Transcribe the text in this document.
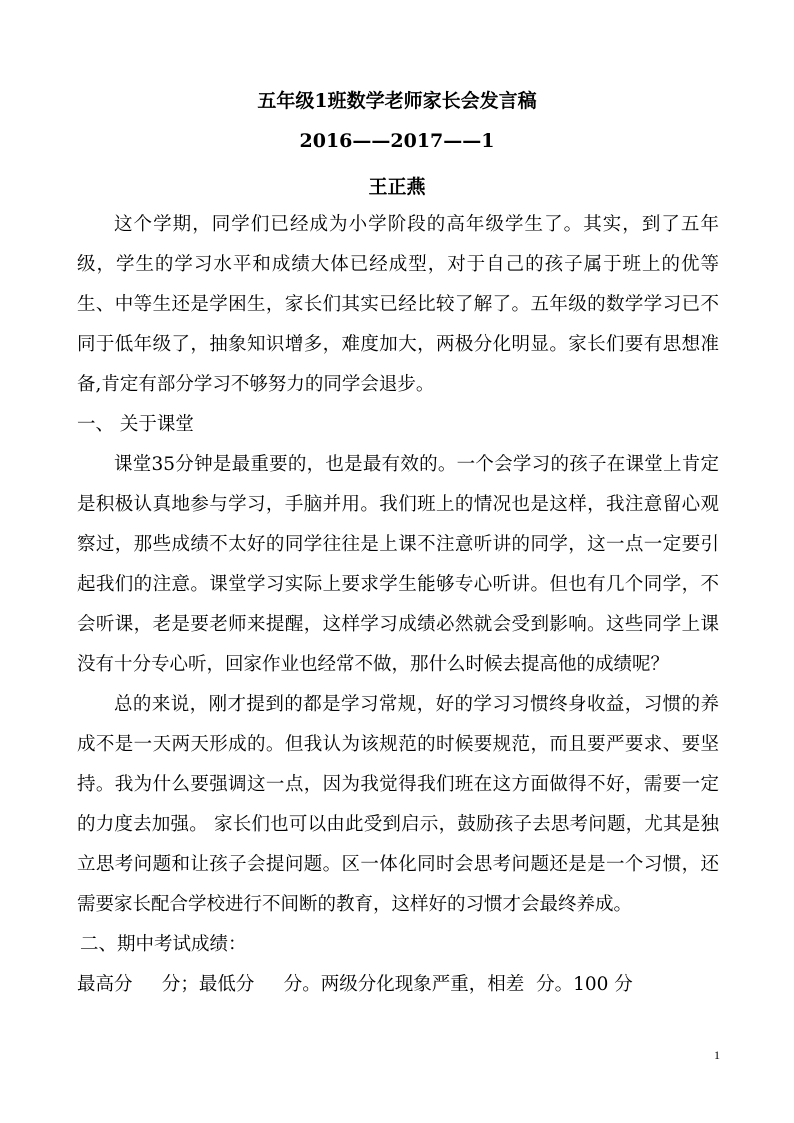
五年级1班数学老师家长会发言稿
2016——2017——1
王正燕

这个学期，同学们已经成为小学阶段的高年级学生了。其实，到了五年级，学生的学习水平和成绩大体已经成型，对于自己的孩子属于班上的优等生、中等生还是学困生，家长们其实已经比较了解了。五年级的数学学习已不同于低年级了，抽象知识增多，难度加大，两极分化明显。家长们要有思想准备,肯定有部分学习不够努力的同学会退步。

一、 关于课堂

课堂35分钟是最重要的，也是最有效的。一个会学习的孩子在课堂上肯定是积极认真地参与学习，手脑并用。我们班上的情况也是这样，我注意留心观察过，那些成绩不太好的同学往往是上课不注意听讲的同学，这一点一定要引起我们的注意。课堂学习实际上要求学生能够专心听讲。但也有几个同学，不会听课，老是要老师来提醒，这样学习成绩必然就会受到影响。这些同学上课没有十分专心听，回家作业也经常不做，那什么时候去提高他的成绩呢？

总的来说，刚才提到的都是学习常规，好的学习习惯终身收益，习惯的养成不是一天两天形成的。但我认为该规范的时候要规范，而且要严要求、要坚持。我为什么要强调这一点，因为我觉得我们班在这方面做得不好，需要一定的力度去加强。 家长们也可以由此受到启示，鼓励孩子去思考问题，尤其是独立思考问题和让孩子会提问题。区一体化同时会思考问题还是是一个习惯，还需要家长配合学校进行不间断的教育，这样好的习惯才会最终养成。

二、期中考试成绩：

最高分     分；最低分     分。两级分化现象严重，相差  分。100 分

1
